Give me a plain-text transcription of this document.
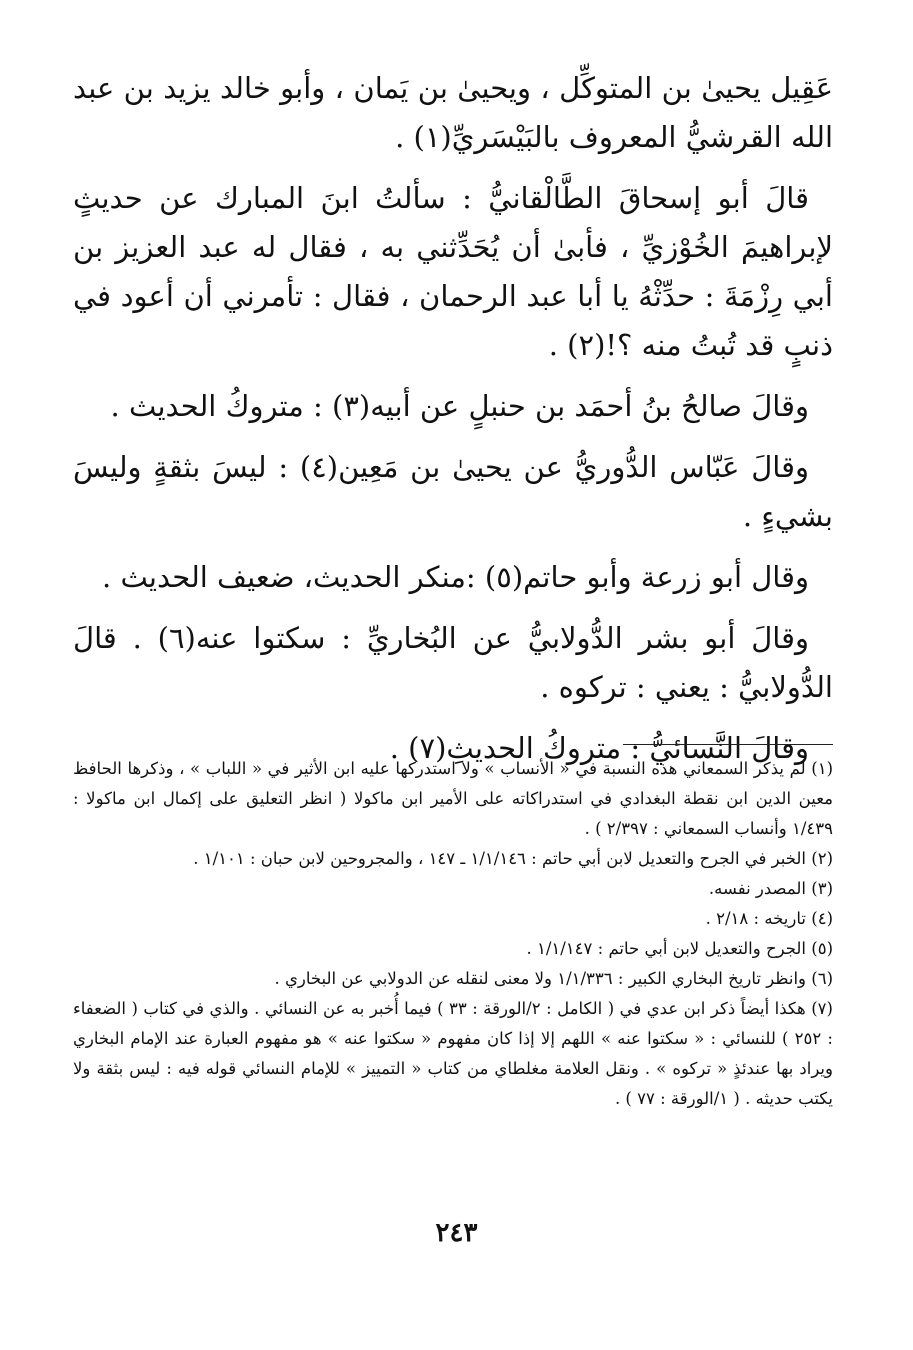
عَقِيل يحيىٰ بن المتوكِّل ، ويحيىٰ بن يَمان ، وأبو خالد يزيد بن عبد الله القرشيُّ المعروف بالبَيْسَريِّ(١) .

قالَ أبو إسحاقَ الطَّالْقانيُّ : سألتُ ابنَ المبارك عن حديثٍ لإبراهيمَ الخُوْزيِّ ، فأبىٰ أن يُحَدِّثني به ، فقال له عبد العزيز بن أبي رِزْمَةَ : حدِّثْهُ يا أبا عبد الرحمان ، فقال : تأمرني أن أعود في ذنبٍ قد تُبتُ منه ؟!(٢) .

وقالَ صالحُ بنُ أحمَد بن حنبلٍ عن أبيه(٣) : متروكُ الحديث .

وقالَ عَبّاس الدُّوريُّ عن يحيىٰ بن مَعِين(٤) : ليسَ بثقةٍ وليسَ بشيءٍ .

وقال أبو زرعة وأبو حاتم(٥) :منكر الحديث، ضعيف الحديث .

وقالَ أبو بشر الدُّولابيُّ عن البُخاريِّ : سكتوا عنه(٦) . قالَ الدُّولابيُّ : يعني : تركوه .

وقالَ النَّسائيُّ : متروكُ الحديثِ(٧) .

(١) لم يذكر السمعاني هذه النسبة في « الأنساب » ولا استدركها عليه ابن الأثير في « اللباب » ، وذكرها الحافظ معين الدين ابن نقطة البغدادي في استدراكاته على الأمير ابن ماكولا ( انظر التعليق على إكمال ابن ماكولا : ١/٤٣٩ وأنساب السمعاني : ٢/٣٩٧ ) .

(٢) الخبر في الجرح والتعديل لابن أبي حاتم : ١/١/١٤٦ ـ ١٤٧ ، والمجروحين لابن حبان : ١/١٠١ .

(٣) المصدر نفسه.

(٤) تاريخه : ٢/١٨ .

(٥) الجرح والتعديل لابن أبي حاتم : ١/١/١٤٧ .

(٦) وانظر تاريخ البخاري الكبير : ١/١/٣٣٦ ولا معنى لنقله عن الدولابي عن البخاري .

(٧) هكذا أيضاً ذكر ابن عدي في ( الكامل : ٢/الورقة : ٣٣ ) فيما أُخبر به عن النسائي . والذي في كتاب ( الضعفاء : ٢٥٢ ) للنسائي : « سكتوا عنه » اللهم إلا إذا كان مفهوم « سكتوا عنه » هو مفهوم العبارة عند الإمام البخاري ويراد بها عندئذٍ « تركوه » . ونقل العلامة مغلطاي من كتاب « التمييز » للإمام النسائي قوله فيه : ليس بثقة ولا يكتب حديثه . ( ١/الورقة : ٧٧ ) .

٢٤٣
